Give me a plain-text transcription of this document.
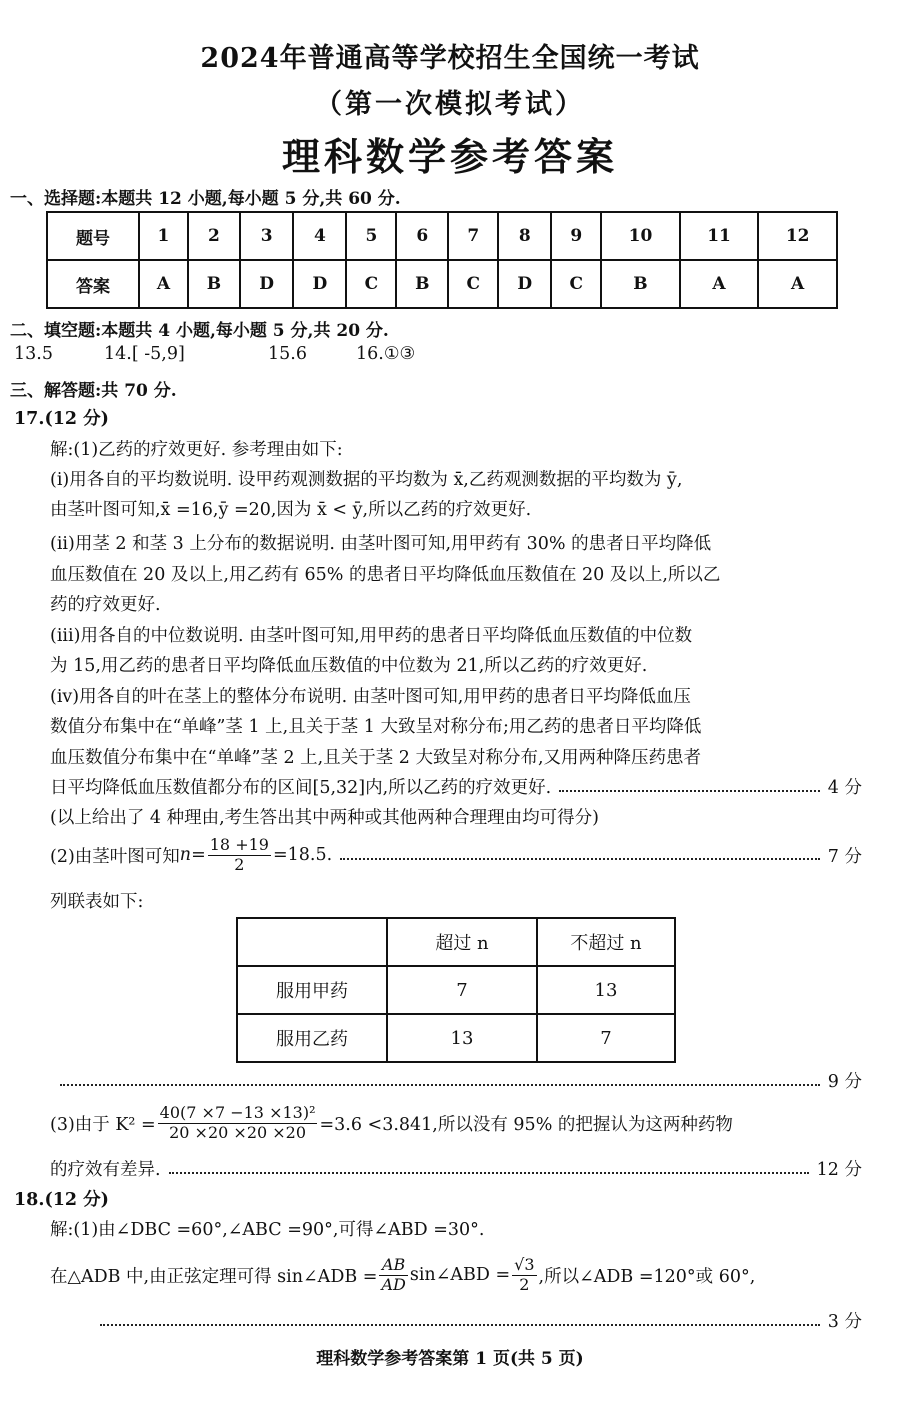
2024年普通高等学校招生全国统一考试
（第一次模拟考试）
理科数学参考答案
一、选择题:本题共 12 小题,每小题 5 分,共 60 分.
题号	1	2	3	4	5	6	7	8	9	10	11	12
答案	A	B	D	D	C	B	C	D	C	B	A	A
二、填空题:本题共 4 小题,每小题 5 分,共 20 分.
13.5	14.[ -5,9]	15.6	16.①③
三、解答题:共 70 分.
17.(12 分)
解:(1)乙药的疗效更好. 参考理由如下:
(i)用各自的平均数说明. 设甲药观测数据的平均数为 x̄,乙药观测数据的平均数为 ȳ,
由茎叶图可知,x̄ =16,ȳ =20,因为 x̄ < ȳ,所以乙药的疗效更好.
(ii)用茎 2 和茎 3 上分布的数据说明. 由茎叶图可知,用甲药有 30% 的患者日平均降低
血压数值在 20 及以上,用乙药有 65% 的患者日平均降低血压数值在 20 及以上,所以乙
药的疗效更好.
(iii)用各自的中位数说明. 由茎叶图可知,用甲药的患者日平均降低血压数值的中位数
为 15,用乙药的患者日平均降低血压数值的中位数为 21,所以乙药的疗效更好.
(iv)用各自的叶在茎上的整体分布说明. 由茎叶图可知,用甲药的患者日平均降低血压
数值分布集中在“单峰”茎 1 上,且关于茎 1 大致呈对称分布;用乙药的患者日平均降低
血压数值分布集中在“单峰”茎 2 上,且关于茎 2 大致呈对称分布,又用两种降压药患者
日平均降低血压数值都分布的区间[5,32]内,所以乙药的疗效更好.	4 分
(以上给出了 4 种理由,考生答出其中两种或其他两种合理理由均可得分)
(2)由茎叶图可知 $n = \frac{18 +19}{2} =18.5$.	7 分
列联表如下:
	超过 n	不超过 n
服用甲药	7	13
服用乙药	13	7
9 分
(3)由于 $K^2 = \frac{\text{40(7 ×7 −13 ×13)²}}{20 \times 20 \times 20 \times 20} =3.6 <3.841$,所以没有 95% 的把握认为这两种药物
的疗效有差异.	12 分
18.(12 分)
解:(1)由∠DBC =60°,∠ABC =90°,可得∠ABD =30°.
在△ADB 中,由正弦定理可得 sin∠ADB = $\frac{AB}{AD}$ sin∠ABD = $\frac{√3}{2}$ ,所以∠ADB =120°或 60°,
3 分
理科数学参考答案第 1 页(共 5 页)
